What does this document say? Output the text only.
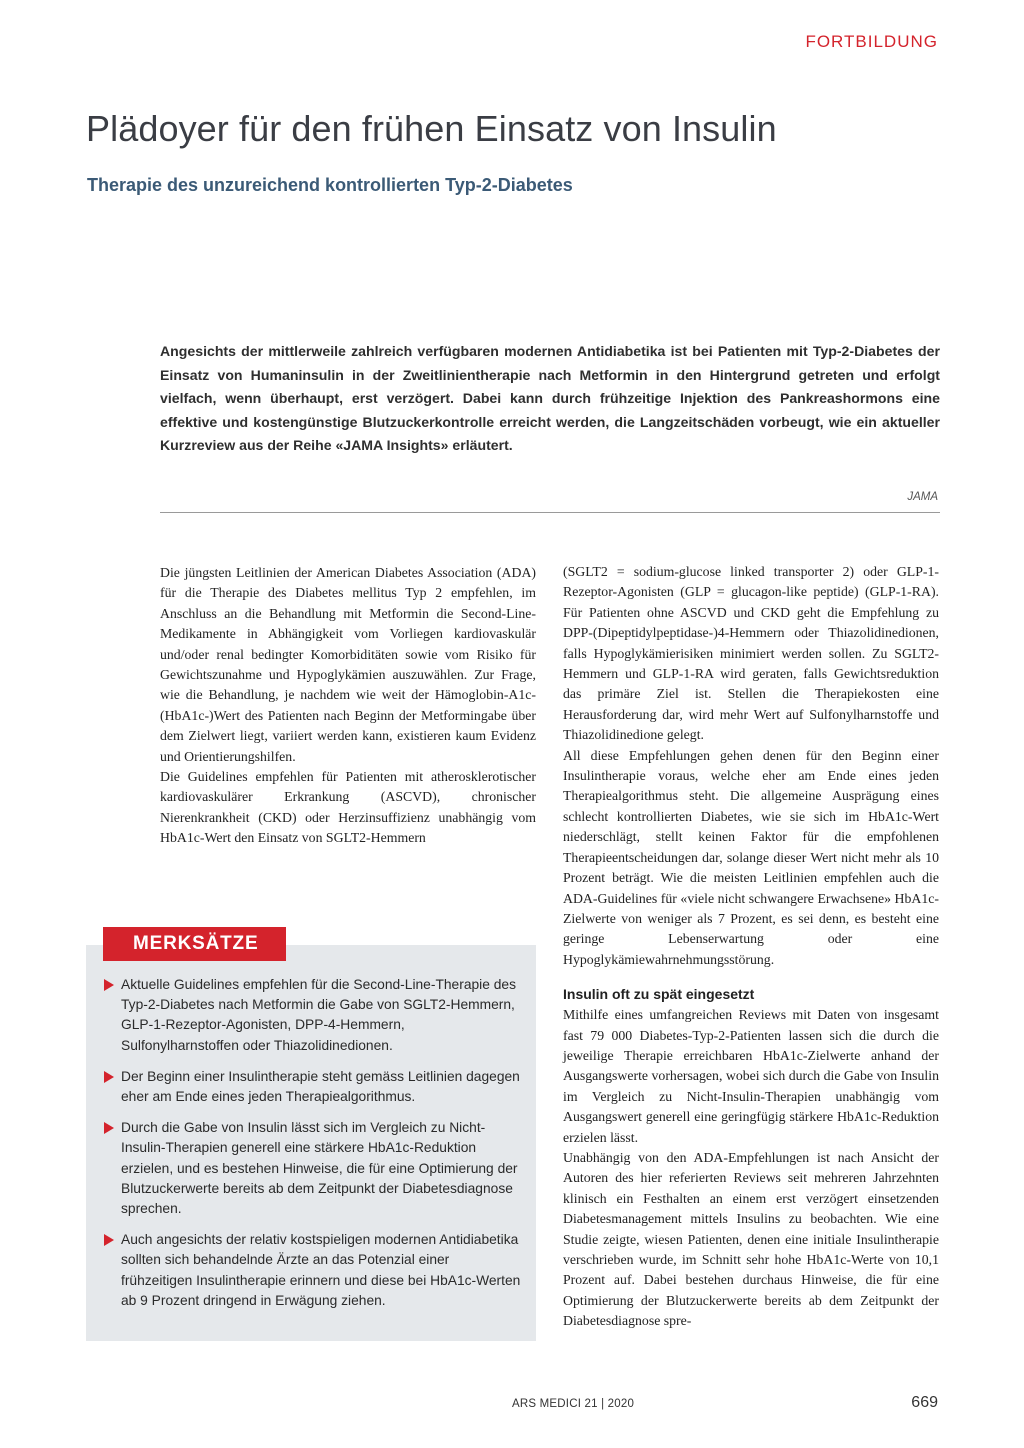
FORTBILDUNG
Plädoyer für den frühen Einsatz von Insulin
Therapie des unzureichend kontrollierten Typ-2-Diabetes

Angesichts der mittlerweile zahlreich verfügbaren modernen Antidiabetika ist bei Patienten mit Typ-2-Diabetes der Einsatz von Humaninsulin in der Zweitlinientherapie nach Metformin in den Hintergrund getreten und erfolgt vielfach, wenn überhaupt, erst verzögert. Dabei kann durch frühzeitige Injektion des Pankreashormons eine effektive und kostengünstige Blutzuckerkontrolle erreicht werden, die Langzeitschäden vorbeugt, wie ein aktueller Kurzreview aus der Reihe «JAMA Insights» erläutert.

JAMA

Die jüngsten Leitlinien der American Diabetes Association (ADA) für die Therapie des Diabetes mellitus Typ 2 empfehlen, im Anschluss an die Behandlung mit Metformin die Second-Line-Medikamente in Abhängigkeit vom Vorliegen kardiovaskulär und/oder renal bedingter Komorbiditäten sowie vom Risiko für Gewichtszunahme und Hypoglykämien auszuwählen. Zur Frage, wie die Behandlung, je nachdem wie weit der Hämoglobin-A1c-(HbA1c-)Wert des Patienten nach Beginn der Metformingabe über dem Zielwert liegt, variiert werden kann, existieren kaum Evidenz und Orientierungshilfen.

Die Guidelines empfehlen für Patienten mit atherosklerotischer kardiovaskulärer Erkrankung (ASCVD), chronischer Nierenkrankheit (CKD) oder Herzinsuffizienz unabhängig vom HbA1c-Wert den Einsatz von SGLT2-Hemmern

(SGLT2 = sodium-glucose linked transporter 2) oder GLP-1-Rezeptor-Agonisten (GLP = glucagon-like peptide) (GLP-1-RA). Für Patienten ohne ASCVD und CKD geht die Empfehlung zu DPP-(Dipeptidylpeptidase-)4-Hemmern oder Thiazolidinedionen, falls Hypoglykämierisiken minimiert werden sollen. Zu SGLT2-Hemmern und GLP-1-RA wird geraten, falls Gewichtsreduktion das primäre Ziel ist. Stellen die Therapiekosten eine Herausforderung dar, wird mehr Wert auf Sulfonylharnstoffe und Thiazolidinedione gelegt.

All diese Empfehlungen gehen denen für den Beginn einer Insulintherapie voraus, welche eher am Ende eines jeden Therapiealgorithmus steht. Die allgemeine Ausprägung eines schlecht kontrollierten Diabetes, wie sie sich im HbA1c-Wert niederschlägt, stellt keinen Faktor für die empfohlenen Therapieentscheidungen dar, solange dieser Wert nicht mehr als 10 Prozent beträgt. Wie die meisten Leitlinien empfehlen auch die ADA-Guidelines für «viele nicht schwangere Erwachsene» HbA1c-Zielwerte von weniger als 7 Prozent, es sei denn, es besteht eine geringe Lebenserwartung oder eine Hypoglykämiewahrnehmungsstörung.

Insulin oft zu spät eingesetzt

Mithilfe eines umfangreichen Reviews mit Daten von insgesamt fast 79 000 Diabetes-Typ-2-Patienten lassen sich die durch die jeweilige Therapie erreichbaren HbA1c-Zielwerte anhand der Ausgangswerte vorhersagen, wobei sich durch die Gabe von Insulin im Vergleich zu Nicht-Insulin-Therapien unabhängig vom Ausgangswert generell eine geringfügig stärkere HbA1c-Reduktion erzielen lässt.

Unabhängig von den ADA-Empfehlungen ist nach Ansicht der Autoren des hier referierten Reviews seit mehreren Jahrzehnten klinisch ein Festhalten an einem erst verzögert einsetzenden Diabetesmanagement mittels Insulins zu beobachten. Wie eine Studie zeigte, wiesen Patienten, denen eine initiale Insulintherapie verschrieben wurde, im Schnitt sehr hohe HbA1c-Werte von 10,1 Prozent auf. Dabei bestehen durchaus Hinweise, die für eine Optimierung der Blutzuckerwerte bereits ab dem Zeitpunkt der Diabetesdiagnose spre-

Aktuelle Guidelines empfehlen für die Second-Line-Therapie des Typ-2-Diabetes nach Metformin die Gabe von SGLT2-Hemmern, GLP-1-Rezeptor-Agonisten, DPP-4-Hemmern, Sulfonylharnstoffen oder Thiazolidinedionen.
Der Beginn einer Insulintherapie steht gemäss Leitlinien dagegen eher am Ende eines jeden Therapiealgorithmus.
Durch die Gabe von Insulin lässt sich im Vergleich zu Nicht-Insulin-Therapien generell eine stärkere HbA1c-Reduktion erzielen, und es bestehen Hinweise, die für eine Optimierung der Blutzuckerwerte bereits ab dem Zeitpunkt der Diabetesdiagnose sprechen.
Auch angesichts der relativ kostspieligen modernen Antidiabetika sollten sich behandelnde Ärzte an das Potenzial einer frühzeitigen Insulintherapie erinnern und diese bei HbA1c-Werten ab 9 Prozent dringend in Erwägung ziehen.
MERKSÄTZE
ARS MEDICI 21 | 2020	669
